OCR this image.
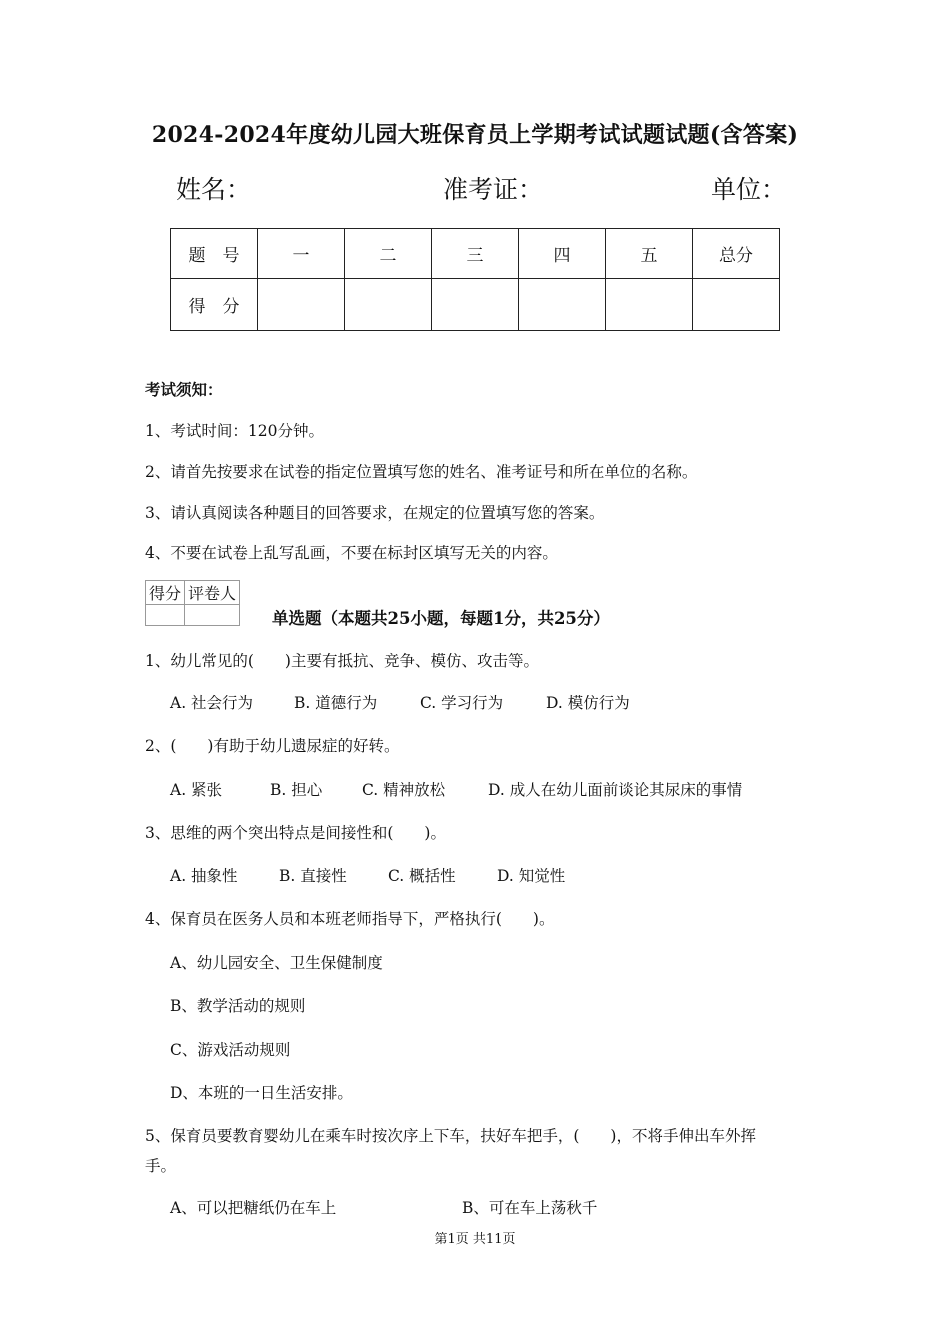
2024-2024年度幼儿园大班保育员上学期考试试题试题(含答案)
姓名：	准考证：	单位：
题　号	一	二	三	四	五	总分
得　分						
考试须知：
1、考试时间：120分钟。
2、请首先按要求在试卷的指定位置填写您的姓名、准考证号和所在单位的名称。
3、请认真阅读各种题目的回答要求，在规定的位置填写您的答案。
4、不要在试卷上乱写乱画，不要在标封区填写无关的内容。
得分	评卷人

单选题（本题共25小题，每题1分，共25分）
1、幼儿常见的(　　)主要有抵抗、竞争、模仿、攻击等。
A. 社会行为	B. 道德行为	C. 学习行为	D. 模仿行为
2、(　　)有助于幼儿遗尿症的好转。
A. 紧张	B. 担心	C. 精神放松	D. 成人在幼儿面前谈论其尿床的事情
3、思维的两个突出特点是间接性和(　　)。
A. 抽象性	B. 直接性	C. 概括性	D. 知觉性
4、保育员在医务人员和本班老师指导下，严格执行(　　)。
A、幼儿园安全、卫生保健制度
B、教学活动的规则
C、游戏活动规则
D、本班的一日生活安排。
5、保育员要教育婴幼儿在乘车时按次序上下车，扶好车把手，(　　)，不将手伸出车外挥
手。
A、可以把糖纸仍在车上	B、可在车上荡秋千
第1页 共11页
